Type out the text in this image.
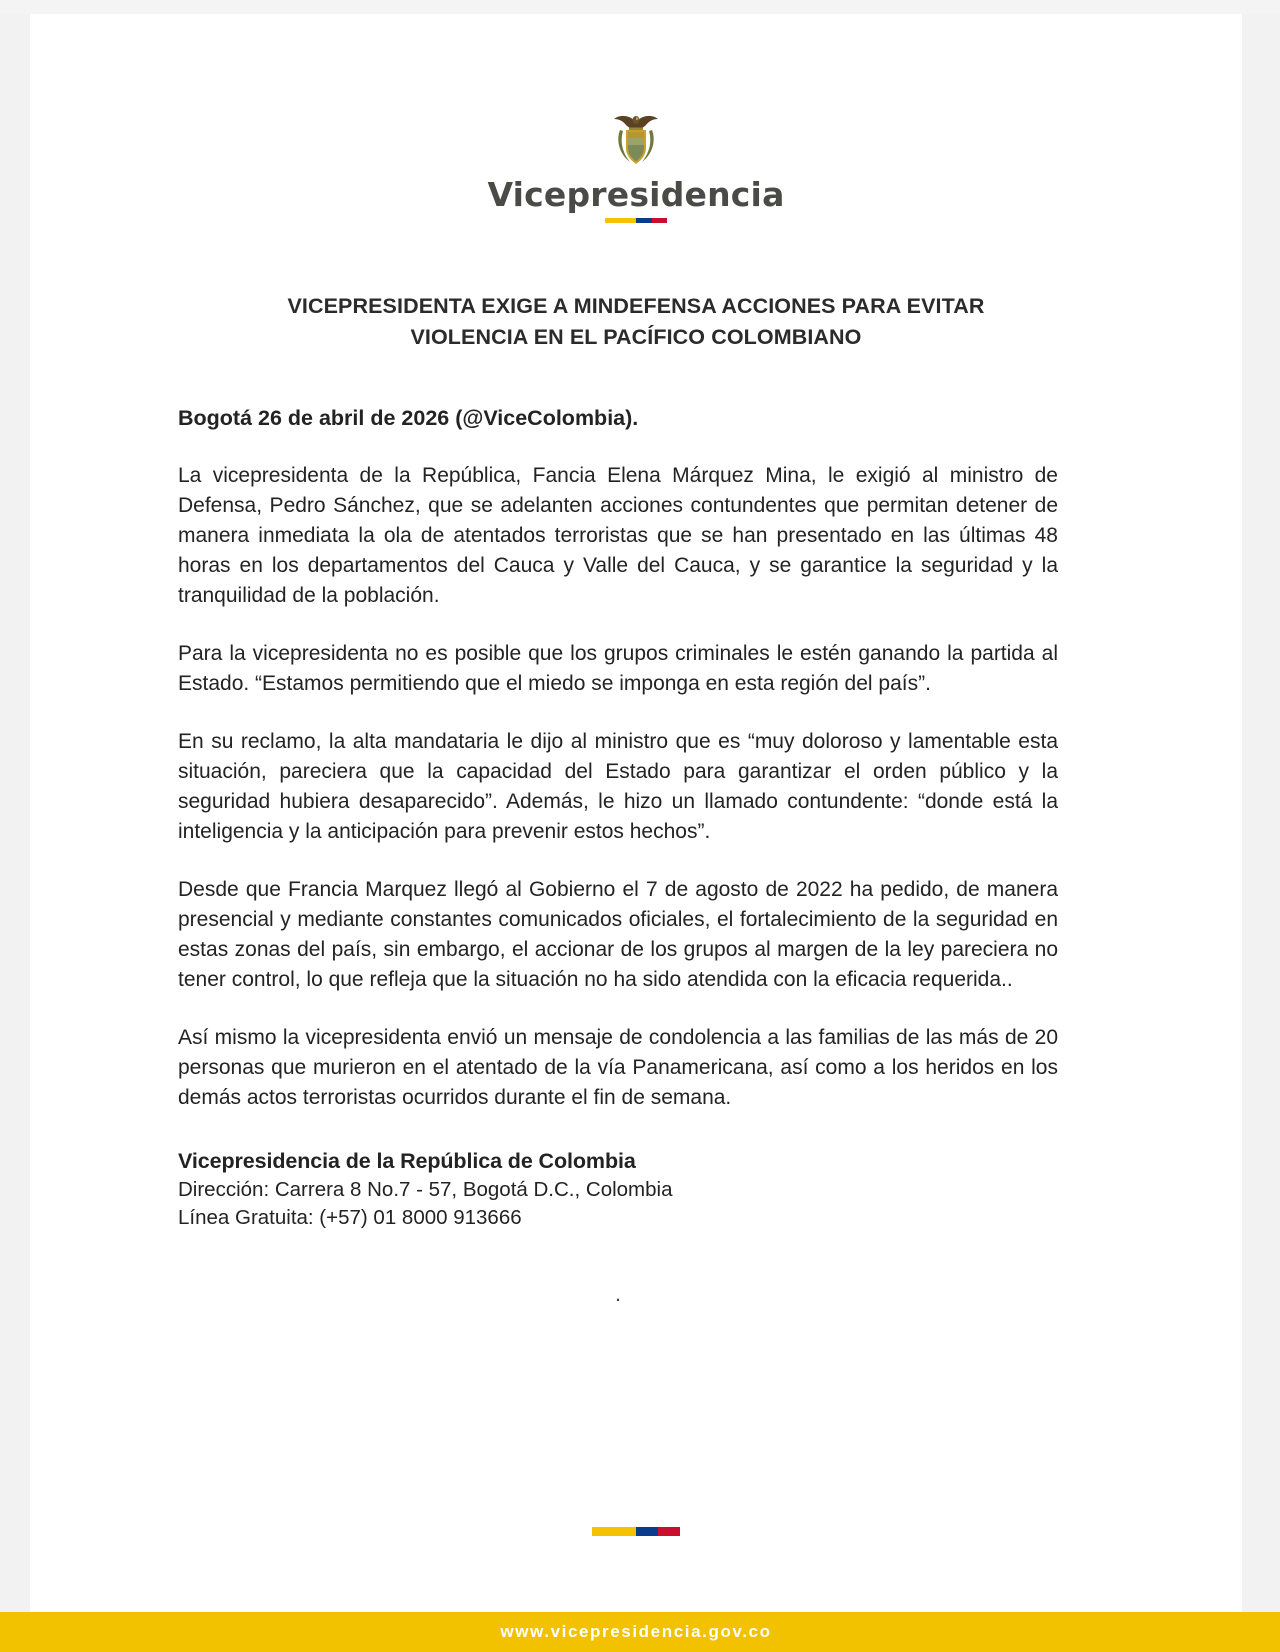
Vicepresidencia
VICEPRESIDENTA EXIGE A MINDEFENSA ACCIONES PARA EVITAR VIOLENCIA EN EL PACÍFICO COLOMBIANO
Bogotá 26 de abril de 2026 (@ViceColombia).

La vicepresidenta de la República, Fancia Elena Márquez Mina, le exigió al ministro de Defensa, Pedro Sánchez, que se adelanten acciones contundentes que permitan detener de manera inmediata la ola de atentados terroristas que se han presentado en las últimas 48 horas en los departamentos del Cauca y Valle del Cauca, y se garantice la seguridad y la tranquilidad de la población.

Para la vicepresidenta no es posible que los grupos criminales le estén ganando la partida al Estado. “Estamos permitiendo que el miedo se imponga en esta región del país”.

En su reclamo, la alta mandataria le dijo al ministro que es “muy doloroso y lamentable esta situación, pareciera que la capacidad del Estado para garantizar el orden público y la seguridad hubiera desaparecido”. Además, le hizo un llamado contundente: “donde está la inteligencia y la anticipación para prevenir estos hechos”.

Desde que Francia Marquez llegó al Gobierno el 7 de agosto de 2022 ha pedido, de manera presencial y mediante constantes comunicados oficiales, el fortalecimiento de la seguridad en estas zonas del país, sin embargo, el accionar de los grupos al margen de la ley pareciera no tener control, lo que refleja que la situación no ha sido atendida con la eficacia requerida..

Así mismo la vicepresidenta envió un mensaje de condolencia a las familias de las más de 20 personas que murieron en el atentado de la vía Panamericana, así como a los heridos en los demás actos terroristas ocurridos durante el fin de semana.

Vicepresidencia de la República de Colombia
Dirección: Carrera 8 No.7 - 57, Bogotá D.C., Colombia
Línea Gratuita: (+57) 01 8000 913666
.
www.vicepresidencia.gov.co
